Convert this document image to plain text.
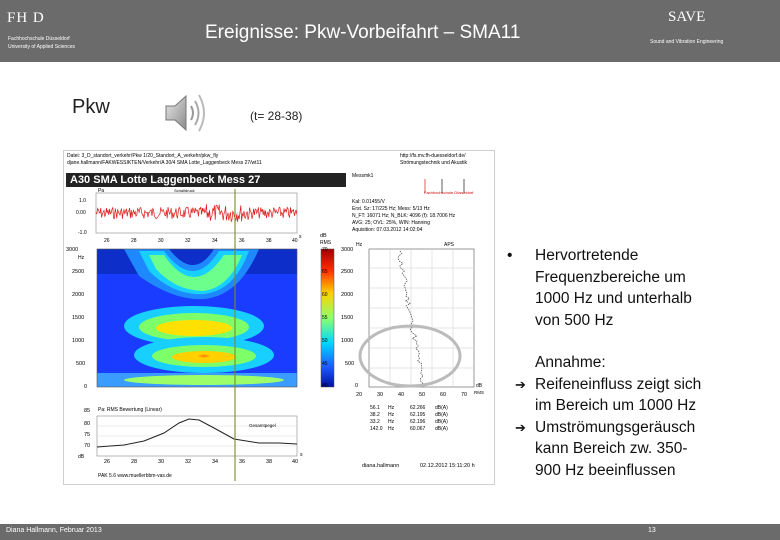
FH D
Fachhochschule Düsseldorf
University of Applied Sciences
Ereignisse: Pkw-Vorbeifahrt – SMA11
SAVE
Sound and Vibration Engineering
Pkw	(t= 28-38)
Datei: 3_D_standort_verkehr/Pkw 1/20_Standort_A_verkehr/pkw_fly
djane.hallmann/FAKWESSIKTEN/Verkehr/A 30/4 SMA Lotte_Laggenbeck Mess 27/wt11
http://fs.mv.fh-duesseldorf.de/
Strömungstechnik und Akustik
A30 SMA Lotte Laggenbeck Mess 27	Messmk1
Fachhochschule Düsseldorf
Kal: 0.01455/V
Erst. Sz: 17/225 Hz; Mess: 5/13 Hz
N_FT: 16071 Hz; N_BLK: 4096 (f): 18.7006 Hz
AVG: 25; OVL: 25%, WIN: Hanning
Aquisition: 07.03.2012 14:02:04
Pa	Schalldruck
1.0
0.00
-1.0
26	28	30	32	34	36	38	40
s
3000
Hz
2500
2000
1500
1000
500
0
dB
RMS
70
65
60
55
50
45
40
Hz	APS
3000
2500
2000
1500
1000
500
0
20	30	40	50	60	70
dB
RMS
Pa: RMS Bewertung (Linear)
Gesamtpegel
85
80
75
70
dB
26	28	30	32	34	36	38	40
s
56.1 Hz	62.266 dB(A)
38.2 Hz	62.195 dB(A)
33.2 Hz	62.196 dB(A)
142.0 Hz	60.067 dB(A)
PAK 5.6 www.muellerbbm-vas.de
diana.hallmann	02.12.2012 15:11:20 h
• Hervortretende
Frequenzbereiche um
1000 Hz und unterhalb
von 500 Hz
Annahme:
➔ Reifeneinfluss zeigt sich
im Bereich um 1000 Hz
➔ Umströmungsgeräusch
kann Bereich zw. 350-
900 Hz beeinflussen
Diana Hallmann, Februar 2013	13
